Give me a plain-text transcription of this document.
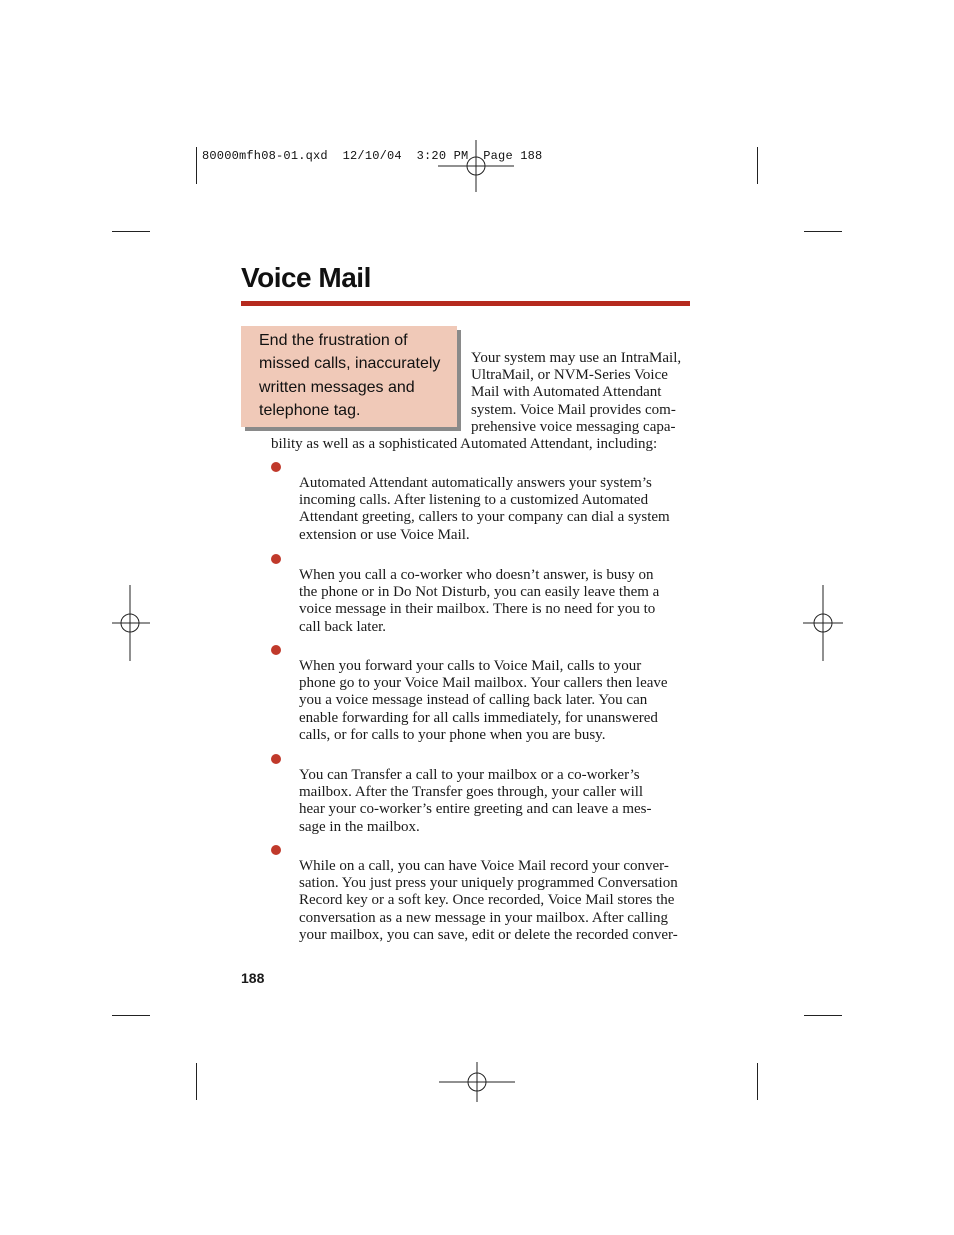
80000mfh08-01.qxd  12/10/04  3:20 PM  Page 188
Voice Mail
End the frustration of missed calls, inaccurately written messages and telephone tag.
Your system may use an IntraMail,
UltraMail, or NVM-Series Voice
Mail with Automated Attendant
system. Voice Mail provides com-
prehensive voice messaging capa-
bility as well as a sophisticated Automated Attendant, including:
Automated Attendant automatically answers your system’s
incoming calls. After listening to a customized Automated
Attendant greeting, callers to your company can dial a system
extension or use Voice Mail.
When you call a co-worker who doesn’t answer, is busy on
the phone or in Do Not Disturb, you can easily leave them a
voice message in their mailbox. There is no need for you to
call back later.
When you forward your calls to Voice Mail, calls to your
phone go to your Voice Mail mailbox. Your callers then leave
you a voice message instead of calling back later. You can
enable forwarding for all calls immediately, for unanswered
calls, or for calls to your phone when you are busy.
You can Transfer a call to your mailbox or a co-worker’s
mailbox. After the Transfer goes through, your caller will
hear your co-worker’s entire greeting and can leave a mes-
sage in the mailbox.
While on a call, you can have Voice Mail record your conver-
sation. You just press your uniquely programmed Conversation
Record key or a soft key. Once recorded, Voice Mail stores the
conversation as a new message in your mailbox. After calling
your mailbox, you can save, edit or delete the recorded conver-
188
